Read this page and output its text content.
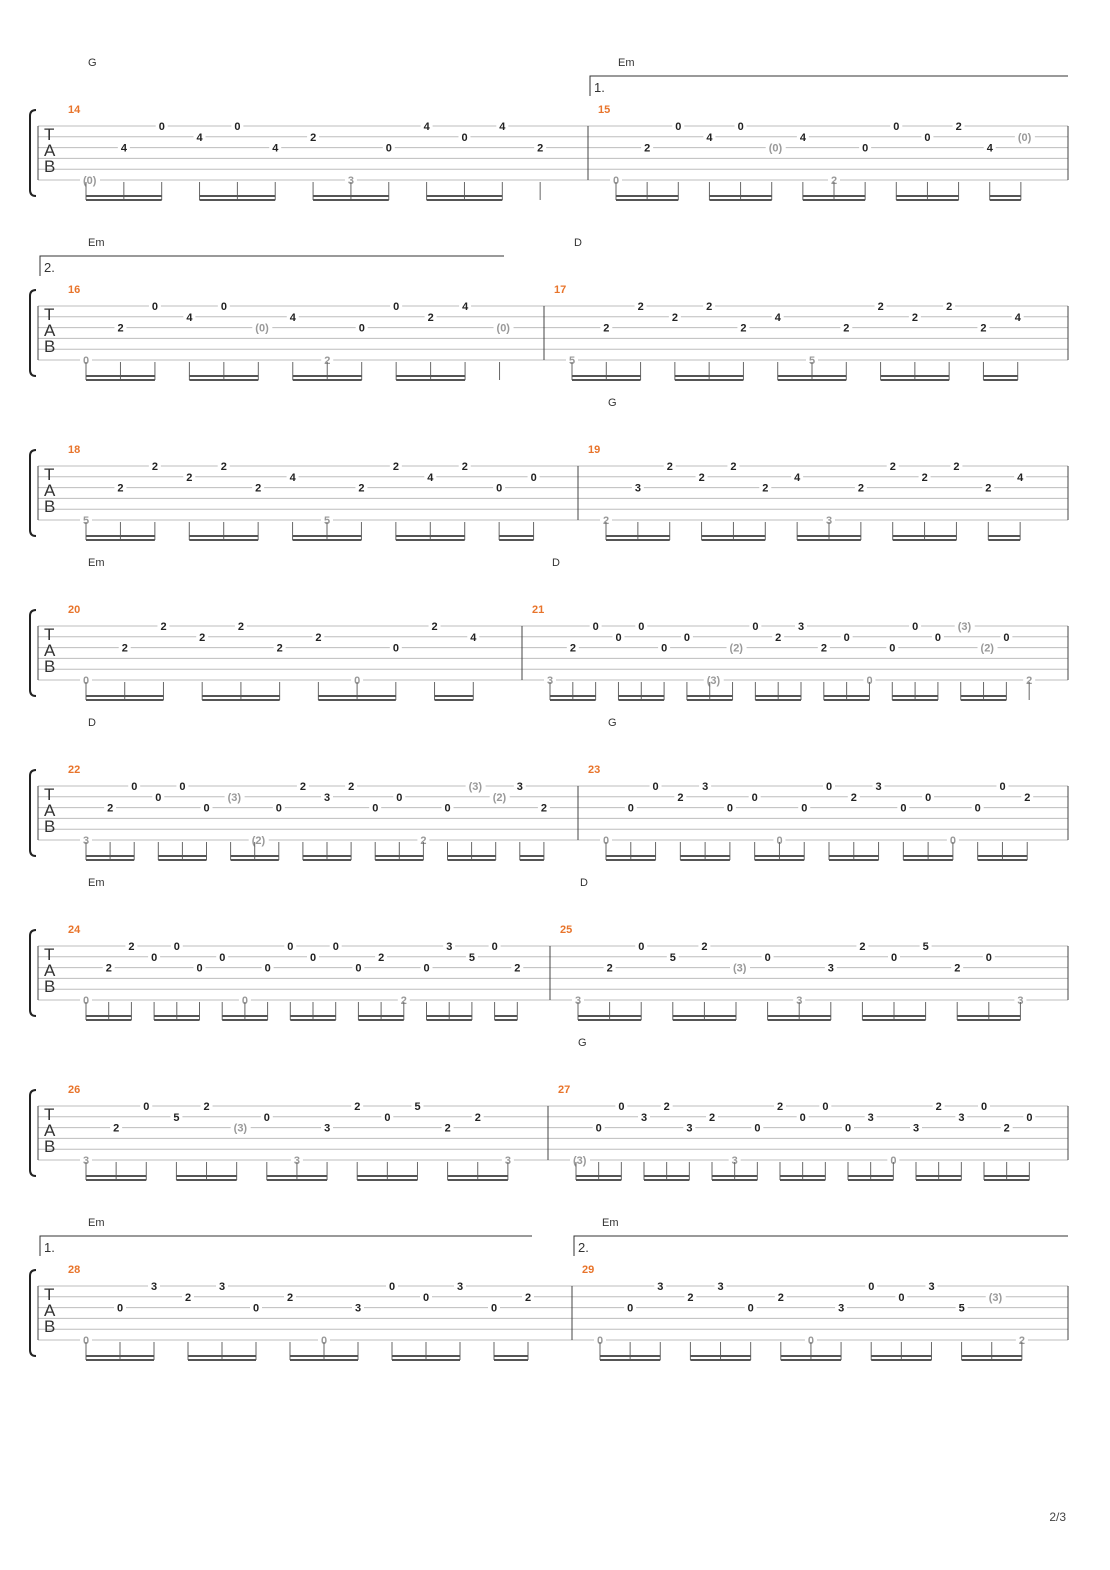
T
A
B
14
G
(0)
4
0
4
0
4
2
3
0
4
0
4
2
15
Em
1.
0
2
0
4
0
(0)
4
2
0
0
0
2
4
(0)
T
A
B
16
Em
2.
0
2
0
4
0
(0)
4
2
0
0
2
4
(0)
17
D
5
2
2
2
2
2
4
5
2
2
2
2
2
4
T
A
B
18
5
2
2
2
2
2
4
5
2
2
4
2
0
0
19
G
2
3
2
2
2
2
4
3
2
2
2
2
2
4
T
A
B
20
Em
0
2
2
2
2
2
2
0
0
2
4
21
D
3
2
0
0
0
0
0
(3)
(2)
0
2
3
2
0
0
0
0
0
(3)
(2)
0
2
T
A
B
22
D
3
2
0
0
0
0
(3)
(2)
0
2
3
2
0
0
2
0
(3)
(2)
3
2
23
G
0
0
0
2
3
0
0
0
0
0
2
3
0
0
0
0
0
2
T
A
B
24
Em
0
2
2
0
0
0
0
0
0
0
0
0
0
2
2
0
3
5
0
2
25
D
3
2
0
5
2
(3)
0
3
3
2
0
5
2
0
3
T
A
B
26
3
2
0
5
2
(3)
0
3
3
2
0
5
2
2
3
27
G
(3)
0
0
3
2
3
2
3
0
2
0
0
0
3
0
3
2
3
0
2
0
T
A
B
28
Em
1.
0
0
3
2
3
0
2
0
3
0
0
3
0
2
29
Em
2.
0
0
3
2
3
0
2
0
3
0
0
3
5
(3)
2
2/3
